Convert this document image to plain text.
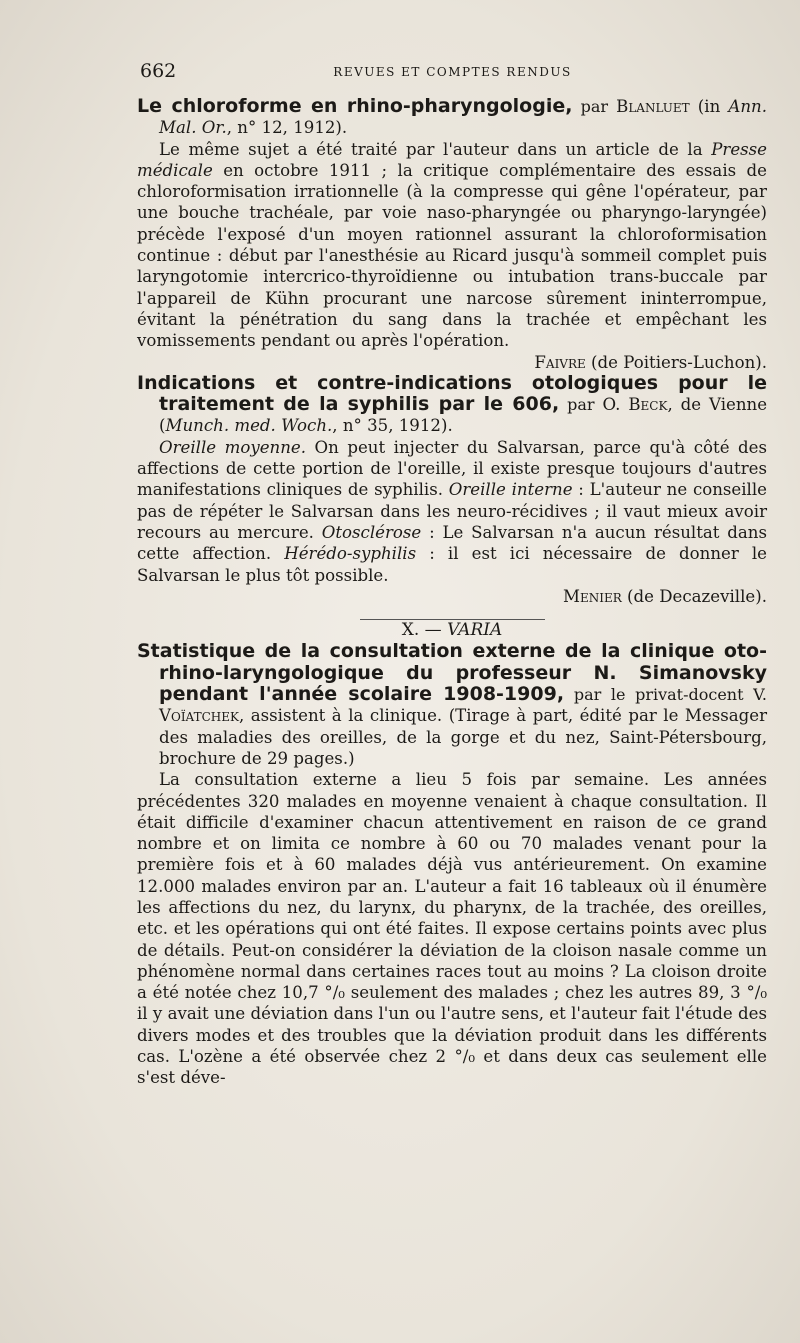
662	REVUES ET COMPTES RENDUS

Le chloroforme en rhino-pharyngologie, par Blanluet (in Ann. Mal. Or., n° 12, 1912).

Le même sujet a été traité par l'auteur dans un article de la Presse médicale en octobre 1911 ; la critique complémentaire des essais de chloroformisation irrationnelle (à la compresse qui gêne l'opérateur, par une bouche trachéale, par voie naso-pharyngée ou pharyngo-laryngée) précède l'exposé d'un moyen rationnel assurant la chloroformisation continue : début par l'anesthésie au Ricard jusqu'à sommeil complet puis laryngotomie intercrico-thyroïdienne ou intubation trans-buccale par l'appareil de Kühn procurant une narcose sûrement ininterrompue, évitant la pénétration du sang dans la trachée et empêchant les vomissements pendant ou après l'opération.

Faivre (de Poitiers-Luchon).

Indications et contre-indications otologiques pour le traitement de la syphilis par le 606, par O. Beck, de Vienne (Munch. med. Woch., n° 35, 1912).

Oreille moyenne. On peut injecter du Salvarsan, parce qu'à côté des affections de cette portion de l'oreille, il existe presque toujours d'autres manifestations cliniques de syphilis. Oreille interne : L'auteur ne conseille pas de répéter le Salvarsan dans les neuro-récidives ; il vaut mieux avoir recours au mercure. Otosclérose : Le Salvarsan n'a aucun résultat dans cette affection. Hérédo-syphilis : il est ici nécessaire de donner le Salvarsan le plus tôt possible.

Menier (de Decazeville).

X. — VARIA

Statistique de la consultation externe de la clinique oto-rhino-laryngologique du professeur N. Simanovsky pendant l'année scolaire 1908-1909, par le privat-docent V. Voïatchek, assistent à la clinique. (Tirage à part, édité par le Messager des maladies des oreilles, de la gorge et du nez, Saint-Pétersbourg, brochure de 29 pages.)

La consultation externe a lieu 5 fois par semaine. Les années précédentes 320 malades en moyenne venaient à chaque consultation. Il était difficile d'examiner chacun attentivement en raison de ce grand nombre et on limita ce nombre à 60 ou 70 malades venant pour la première fois et à 60 malades déjà vus antérieurement. On examine 12.000 malades environ par an. L'auteur a fait 16 tableaux où il énumère les affections du nez, du larynx, du pharynx, de la trachée, des oreilles, etc. et les opérations qui ont été faites. Il expose certains points avec plus de détails. Peut-on considérer la déviation de la cloison nasale comme un phénomène normal dans certaines races tout au moins ? La cloison droite a été notée chez 10,7 °/₀ seulement des malades ; chez les autres 89, 3 °/₀ il y avait une déviation dans l'un ou l'autre sens, et l'auteur fait l'étude des divers modes et des troubles que la déviation produit dans les différents cas. L'ozène a été observée chez 2 °/₀ et dans deux cas seulement elle s'est déve-
